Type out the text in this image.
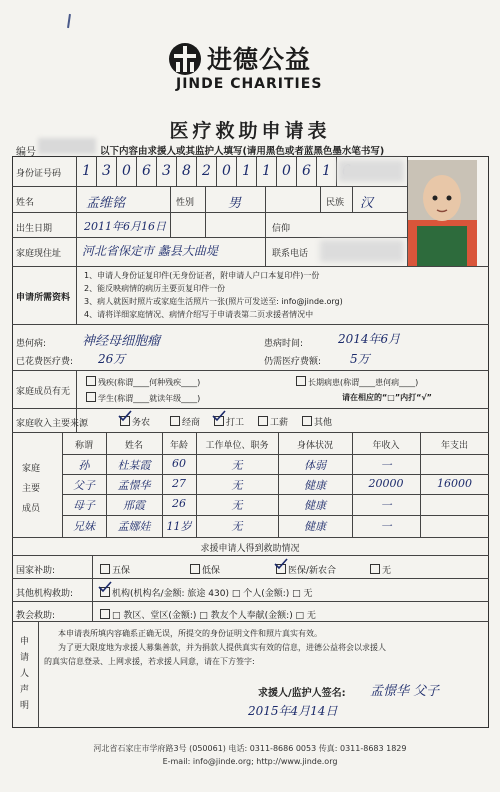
进德公益
JINDE CHARITIES
医疗救助申请表
编号	以下内容由求援人或其监护人填写(请用黑色或者蓝黑色墨水笔书写)
身份证号码 1 3 0 6 3 8 2 0 1 1 0 6 1
姓名	孟维铭	性别	男	民族 汉
出生日期	2011年6月16日	信仰
家庭现住址 河北省保定市 蠡县大曲堤	联系电话
申请所需资料
1、申请人身份证复印件(无身份证者，附申请人户口本复印件)一份
2、能反映病情的病历主要页复印件一份
3、病人就医时照片或家庭生活照片一张(照片可发送至: info@jinde.org)
4、请将详细家庭情况、病情介绍写于申请表第二页求援者情况中
患何病:	神经母细胞瘤	患病时间:	2014年6月
已花费医疗费: 26万	仍需医疗费额: 5万
家庭成员有无
残疾(称谓____何种残疾____)	长期病患(称谓____患何病____)
学生(称谓____就读年级____)	请在相应的“□”内打“√”
家庭收入主要来源	务农	经商	打工	工薪	其他
家庭
主要
成员
称谓	姓名	年龄	工作单位、职务	身体状况	年收入	年支出
孙	杜某霞	60	无	体弱	一
父子	孟憬华	27	无	健康	20000	16000
母子	邢霞	26	无	健康	一
兄妹	孟娜娃	11岁	无	健康	一
求援申请人得到救助情况
国家补助:	五保	低保	医保/新农合	无
其他机构救助:	机构(机构名/金额: 旅途 430) □ 个人(金额:) □ 无
教会救助:	□ 教区、堂区(金额:) □ 教友个人奉献(金额:) □ 无
申
请
人
声
明
本申请表所填内容确系正确无误，所提交的身份证明文件和照片真实有效。
为了更大限度地为求援人募集善款，并为捐款人提供真实有效的信息，进德公益将会以求援人
的真实信息登录、上网求援，若求援人同意，请在下方签字:
求援人/监护人签名: 孟憬华 父子
2015年4月14日
河北省石家庄市学府路3号 (050061) 电话: 0311-8686 0053 传真: 0311-8683 1829
E-mail: info@jinde.org; http://www.jinde.org
